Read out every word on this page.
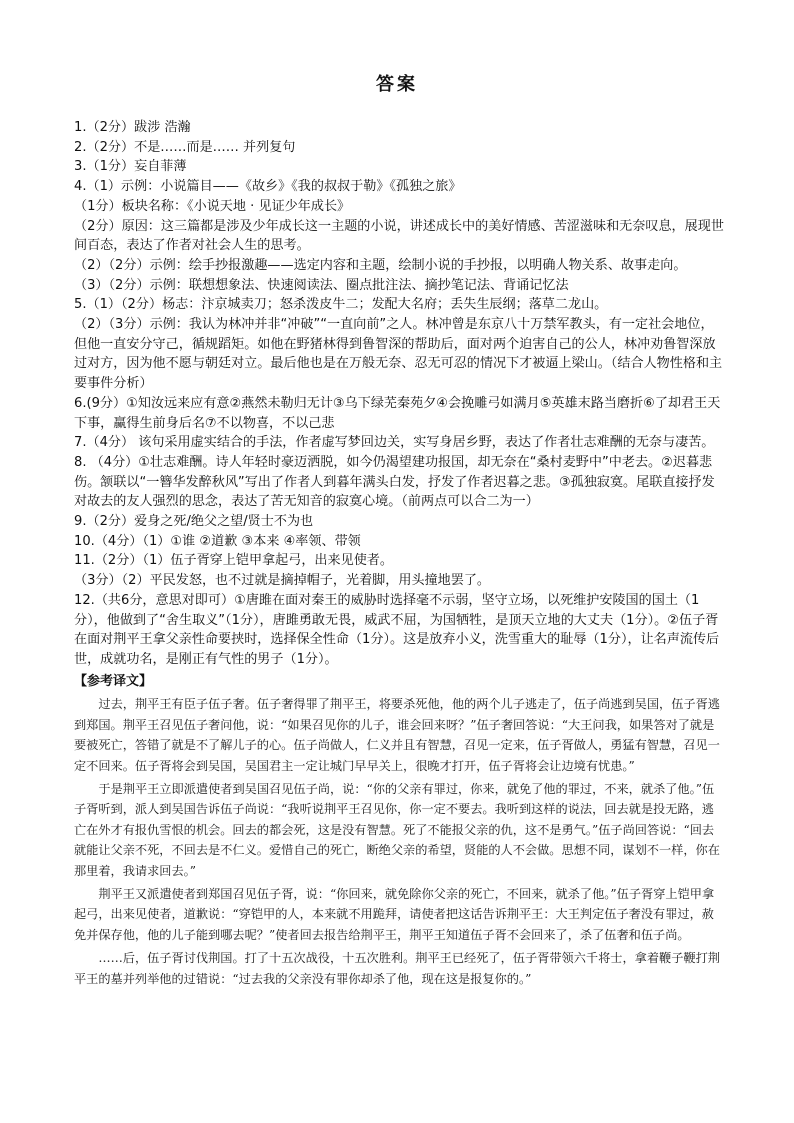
答案

1.（2分）跋涉 浩瀚

2.（2分）不是……而是…… 并列复句

3.（1分）妄自菲薄

4.（1）示例：小说篇目——《故乡》《我的叔叔于勒》《孤独之旅》

（1分）板块名称：《小说天地 · 见证少年成长》

（2分）原因：这三篇都是涉及少年成长这一主题的小说，讲述成长中的美好情感、苦涩滋味和无奈叹息，展现世间百态，表达了作者对社会人生的思考。

（2）（2分）示例：绘手抄报激趣——选定内容和主题，绘制小说的手抄报，以明确人物关系、故事走向。

（3）（2分）示例：联想想象法、快速阅读法、圈点批注法、摘抄笔记法、背诵记忆法

5.（1）（2分）杨志：汴京城卖刀；怒杀泼皮牛二；发配大名府；丢失生辰纲；落草二龙山。

（2）（3分）示例：我认为林冲并非“冲破”“一直向前”之人。林冲曾是东京八十万禁军教头，有一定社会地位，但他一直安分守己，循规蹈矩。如他在野猪林得到鲁智深的帮助后，面对两个迫害自己的公人，林冲劝鲁智深放过对方，因为他不愿与朝廷对立。最后他也是在万般无奈、忍无可忍的情况下才被逼上梁山。（结合人物性格和主要事件分析）

6.(9分）①知汝远来应有意②燕然未勒归无计③乌下绿芜秦苑夕④会挽雕弓如满月⑤英雄末路当磨折⑥了却君王天下事，赢得生前身后名⑦不以物喜，不以己悲

7.（4分） 该句采用虚实结合的手法，作者虚写梦回边关，实写身居乡野，表达了作者壮志难酬的无奈与凄苦。

8. （4分）①壮志难酬。诗人年轻时豪迈洒脱，如今仍渴望建功报国，却无奈在“桑村麦野中”中老去。②迟暮悲伤。颔联以“一簪华发醉秋风”写出了作者人到暮年满头白发，抒发了作者迟暮之悲。③孤独寂寞。尾联直接抒发对故去的友人强烈的思念，表达了苦无知音的寂寞心境。（前两点可以合二为一）

9.（2分）爱身之死/绝父之望/贤士不为也

10.（4分）（1）①谁 ②道歉 ③本来 ④率领、带领

11.（2分）（1）伍子胥穿上铠甲拿起弓，出来见使者。

（3分）（2）平民发怒，也不过就是摘掉帽子，光着脚，用头撞地罢了。

12.（共6分，意思对即可）①唐雎在面对秦王的威胁时选择毫不示弱，坚守立场，以死维护安陵国的国土（1分），他做到了“舍生取义”（1分），唐雎勇敢无畏，威武不屈，为国牺牲，是顶天立地的大丈夫（1分）。②伍子胥在面对荆平王拿父亲性命要挟时，选择保全性命（1分）。这是放弃小义，洗雪重大的耻辱（1分），让名声流传后世，成就功名，是刚正有气性的男子（1分）。

【参考译文】

过去，荆平王有臣子伍子奢。伍子奢得罪了荆平王，将要杀死他，他的两个儿子逃走了，伍子尚逃到吴国，伍子胥逃到郑国。荆平王召见伍子奢问他，说：“如果召见你的儿子，谁会回来呀？”伍子奢回答说：“大王问我，如果答对了就是要被死亡，答错了就是不了解儿子的心。伍子尚做人，仁义并且有智慧，召见一定来，伍子胥做人，勇猛有智慧，召见一定不回来。伍子胥将会到吴国，吴国君主一定让城门早早关上，很晚才打开，伍子胥将会让边境有忧患。”

于是荆平王立即派遣使者到吴国召见伍子尚，说：“你的父亲有罪过，你来，就免了他的罪过，不来，就杀了他。”伍子胥听到，派人到吴国告诉伍子尚说：“我听说荆平王召见你，你一定不要去。我听到这样的说法，回去就是投无路，逃亡在外才有报仇雪恨的机会。回去的都会死，这是没有智慧。死了不能报父亲的仇，这不是勇气。”伍子尚回答说：“回去就能让父亲不死，不回去是不仁义。爱惜自己的死亡，断绝父亲的希望，贤能的人不会做。思想不同，谋划不一样，你在那里着，我请求回去。”

荆平王又派遣使者到郑国召见伍子胥，说：“你回来，就免除你父亲的死亡，不回来，就杀了他。”伍子胥穿上铠甲拿起弓，出来见使者，道歉说：“穿铠甲的人，本来就不用跪拜，请使者把这话告诉荆平王：大王判定伍子奢没有罪过，赦免并保存他，他的儿子能到哪去呢？”使者回去报告给荆平王，荆平王知道伍子胥不会回来了，杀了伍奢和伍子尚。

……后，伍子胥讨伐荆国。打了十五次战役，十五次胜利。荆平王已经死了，伍子胥带领六千将士，拿着鞭子鞭打荆平王的墓并列举他的过错说：“过去我的父亲没有罪你却杀了他，现在这是报复你的。”
